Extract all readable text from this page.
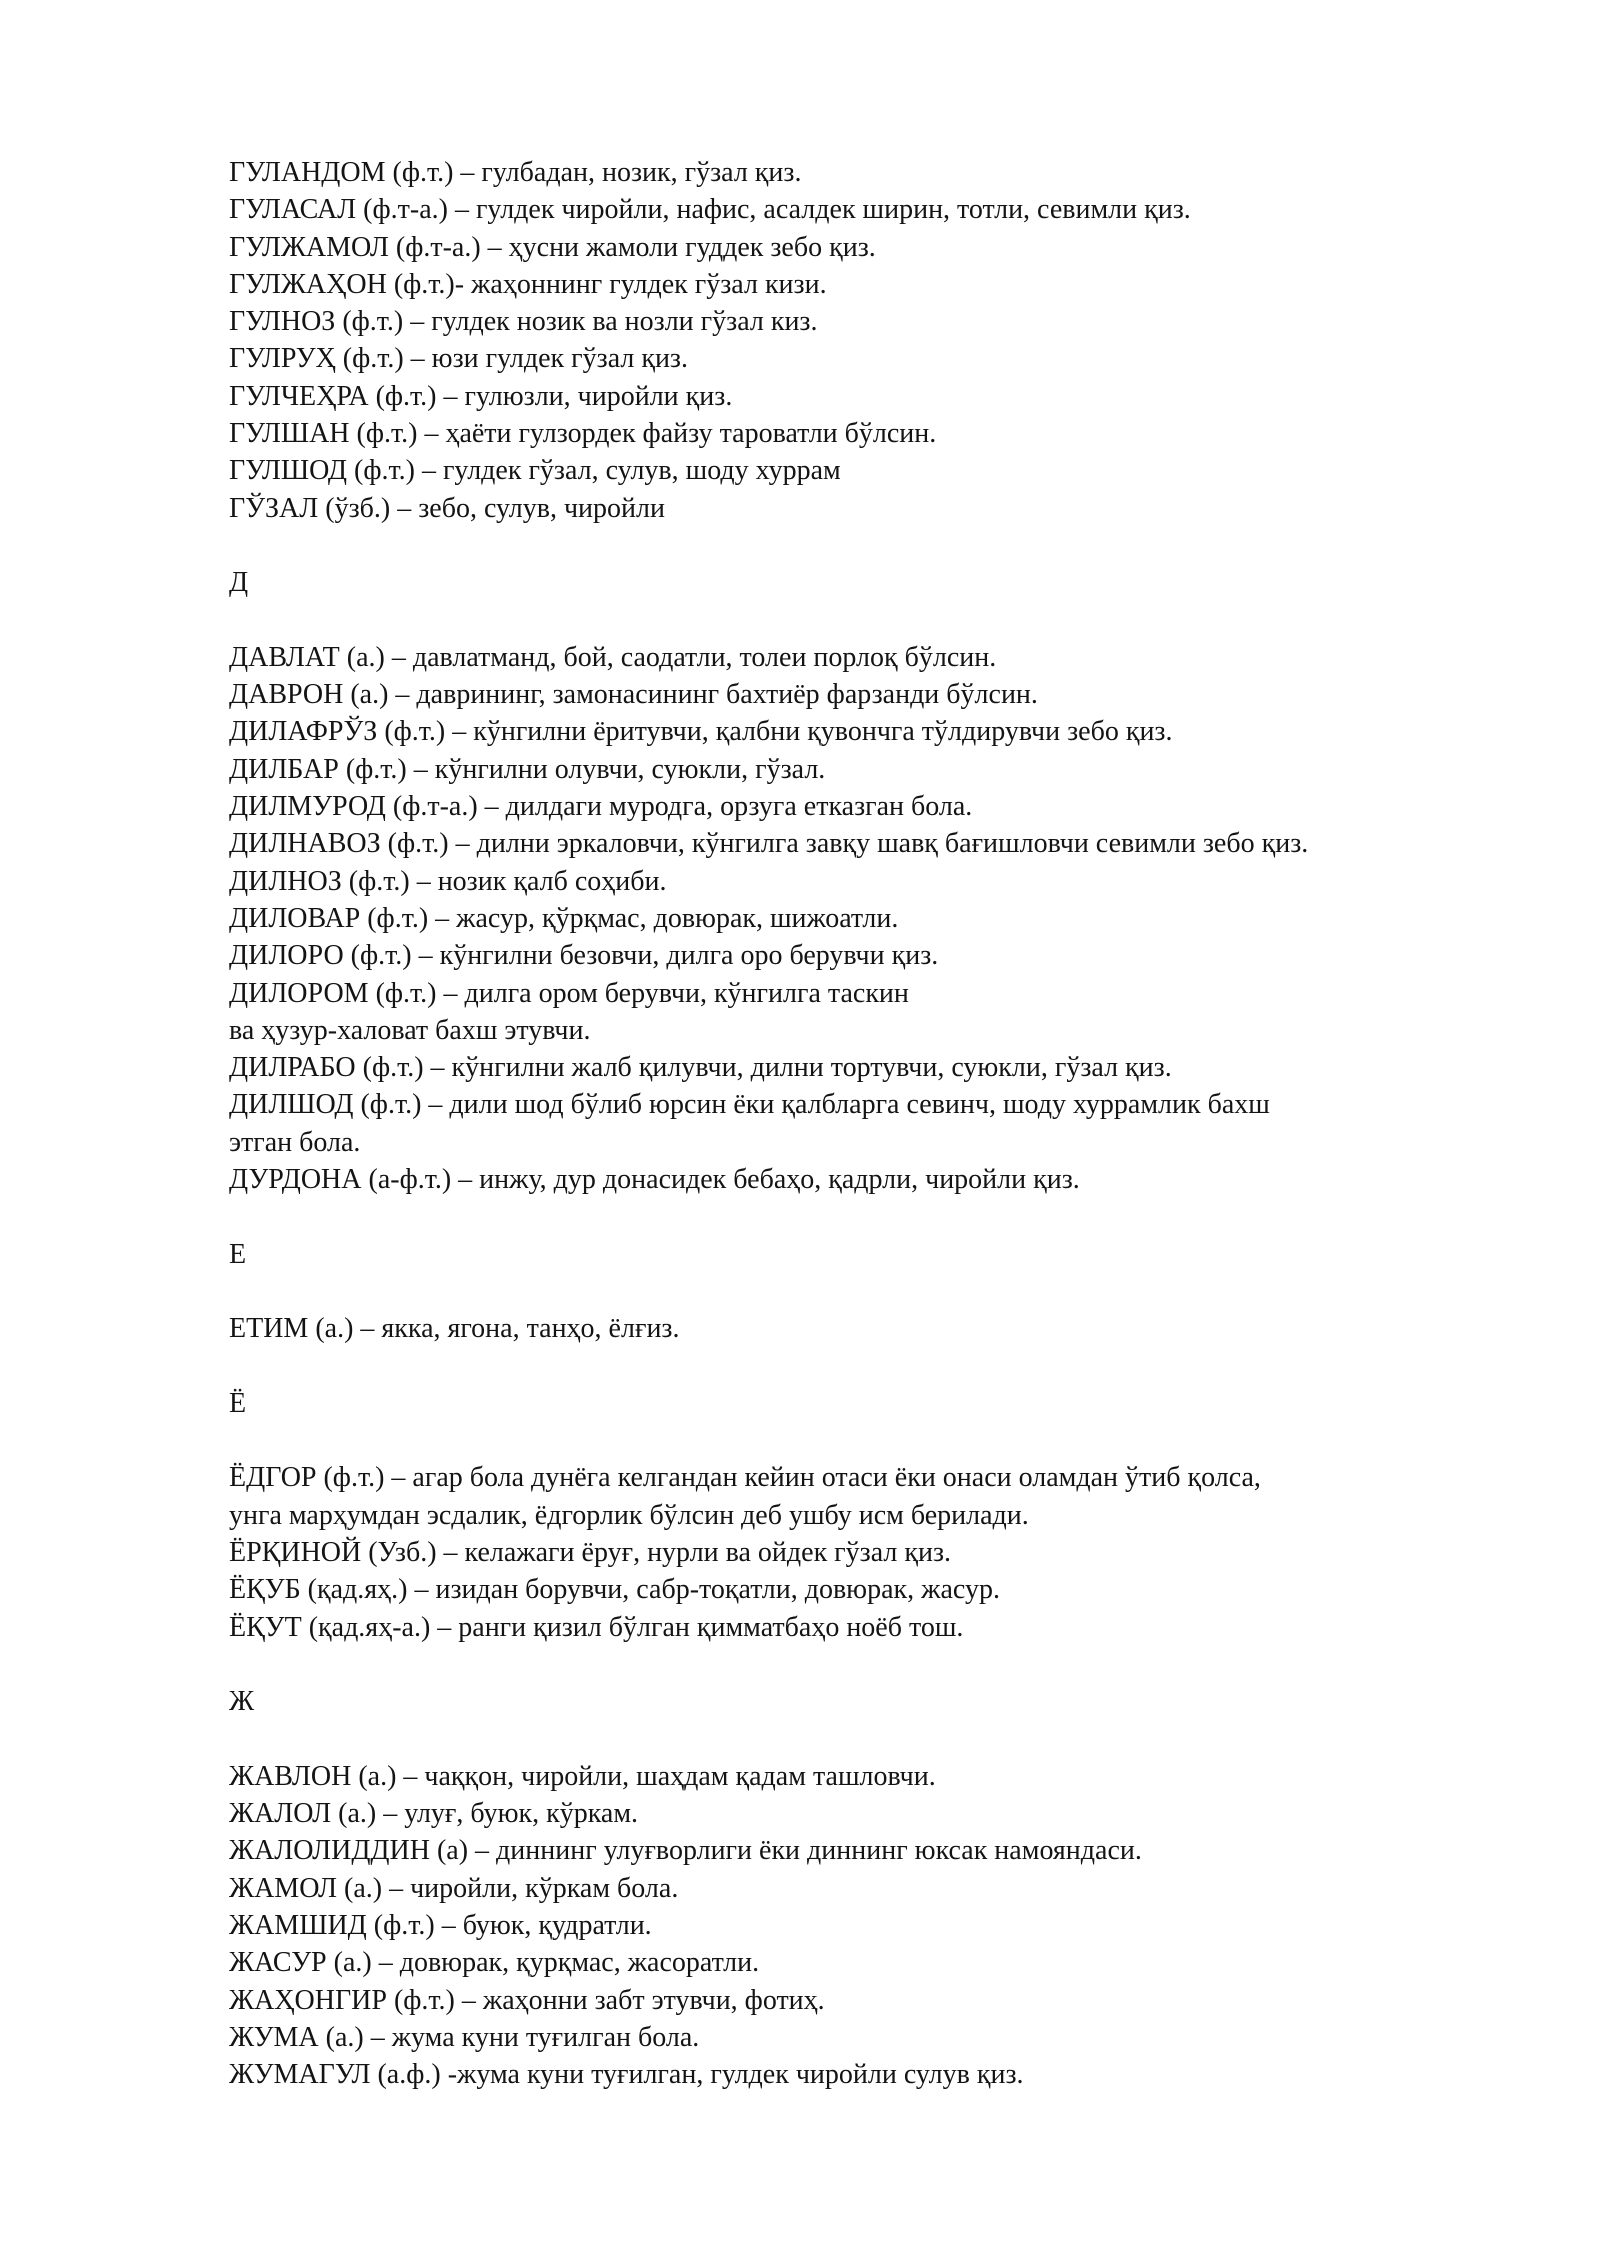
ГУЛАНДОМ (ф.т.) – гулбадан, нозик, гўзал қиз.
ГУЛАСАЛ (ф.т-а.) – гулдек чиройли, нафис, асалдек ширин, тотли, севимли қиз.
ГУЛЖАМОЛ (ф.т-а.) – ҳусни жамоли гуддек зебо қиз.
ГУЛЖАҲОН (ф.т.)- жаҳоннинг гулдек гўзал кизи.
ГУЛНОЗ (ф.т.) – гулдек нозик ва нозли гўзал киз.
ГУЛРУҲ (ф.т.) – юзи гулдек гўзал қиз.
ГУЛЧЕҲРА (ф.т.) – гулюзли, чиройли қиз.
ГУЛШАН (ф.т.) – ҳаёти гулзордек файзу тароватли бўлсин.
ГУЛШОД (ф.т.) – гулдек гўзал, сулув, шоду хуррам
ГЎЗАЛ (ўзб.) – зебо, сулув, чиройли
Д
ДАВЛАТ (а.) – давлатманд, бой, саодатли, толеи порлоқ бўлсин.
ДАВРОН (а.) – даврининг, замонасининг бахтиёр фарзанди бўлсин.
ДИЛАФРЎЗ (ф.т.) – кўнгилни ёритувчи, қалбни қувончга тўлдирувчи зебо қиз.
ДИЛБАР (ф.т.) – кўнгилни олувчи, суюкли, гўзал.
ДИЛМУРОД (ф.т-а.) – дилдаги муродга, орзуга етказган бола.
ДИЛНАВОЗ (ф.т.) – дилни эркаловчи, кўнгилга завқу шавқ бағишловчи севимли зебо қиз.
ДИЛНОЗ (ф.т.) – нозик қалб соҳиби.
ДИЛОВАР (ф.т.) – жасур, қўрқмас, довюрак, шижоатли.
ДИЛОРО (ф.т.) – кўнгилни безовчи, дилга оро берувчи қиз.
ДИЛОРОМ (ф.т.) – дилга ором берувчи, кўнгилга таскин
ва ҳузур-халоват бахш этувчи.
ДИЛРАБО (ф.т.) – кўнгилни жалб қилувчи, дилни тортувчи, суюкли, гўзал қиз.
ДИЛШОД (ф.т.) – дили шод бўлиб юрсин ёки қалбларга севинч, шоду хуррамлик бахш
этган бола.
ДУРДОНА (а-ф.т.) – инжу, дур донасидек бебаҳо, қадрли, чиройли қиз.
Е
ЕТИМ (а.) – якка, ягона, танҳо, ёлғиз.
Ё
ЁДГОР (ф.т.) – агар бола дунёга келгандан кейин отаси ёки онаси оламдан ўтиб қолса,
унга марҳумдан эсдалик, ёдгорлик бўлсин деб ушбу исм берилади.
ЁРҚИНОЙ (Узб.) – келажаги ёруғ, нурли ва ойдек гўзал қиз.
ЁҚУБ (қад.яҳ.) – изидан борувчи, сабр-тоқатли, довюрак, жасур.
ЁҚУТ (қад.яҳ-а.) – ранги қизил бўлган қимматбаҳо ноёб тош.
Ж
ЖАВЛОН (а.) – чаққон, чиройли, шаҳдам қадам ташловчи.
ЖАЛОЛ (а.) – улуғ, буюк, кўркам.
ЖАЛОЛИДДИН (а) – диннинг улуғворлиги ёки диннинг юксак намояндаси.
ЖАМОЛ (а.) – чиройли, кўркам бола.
ЖАМШИД (ф.т.) – буюк, қудратли.
ЖАСУР (а.) – довюрак, қурқмас, жасоратли.
ЖАҲОНГИР (ф.т.) – жаҳонни забт этувчи, фотиҳ.
ЖУМА (а.) – жума куни туғилган бола.
ЖУМАГУЛ (а.ф.) -жума куни туғилган, гулдек чиройли сулув қиз.
